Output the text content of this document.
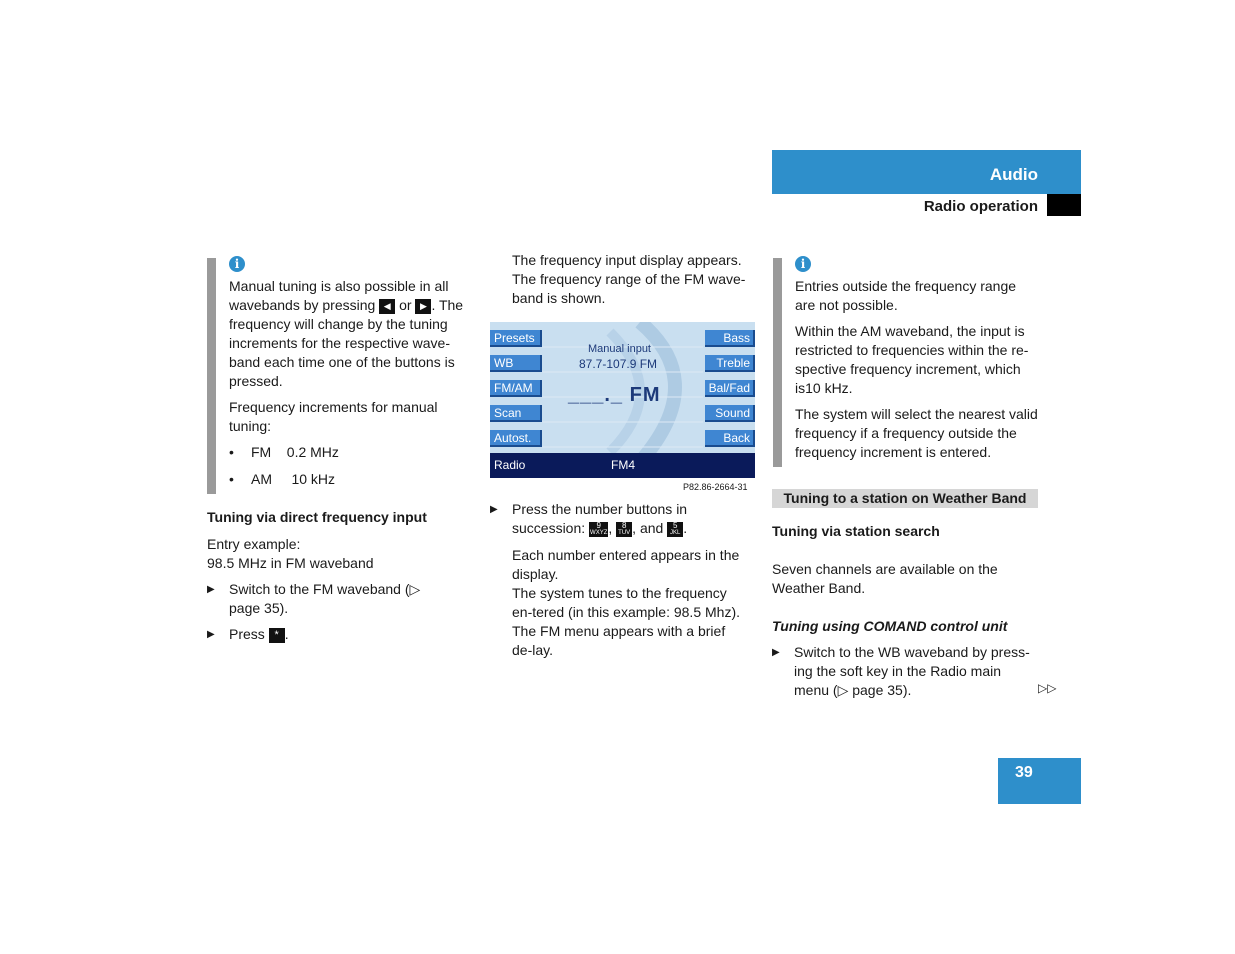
Audio
Radio operation
i

Manual tuning is also possible in all wavebands by pressing ◀ or ▶ . The frequency will change by the tuning increments for the respective wave-band each time one of the buttons is pressed.

Frequency increments for manual tuning:

• FM 0.2 MHz

• AM 10 kHz

Tuning via direct frequency input

Entry example:

98.5 MHz in FM waveband

▶ Switch to the FM waveband (▷ page 35).

▶ Press * .

The frequency input display appears. The frequency range of the FM wave-band is shown.
Presets
WB
FM/AM
Scan
Autost.
Bass
Treble
Bal/Fad
Sound
Back
Manual input
87.7-107.9 FM
___._ FM
Radio	FM4
P82.86-2664-31

▶ Press the number buttons in succession: 9
WXYZ , 8
TUV , and 5
JKL .

Each number entered appears in the display.

The system tunes to the frequency en-tered (in this example: 98.5 Mhz).

The FM menu appears with a brief de-lay.

i

Entries outside the frequency range are not possible.

Within the AM waveband, the input is restricted to frequencies within the re-spective frequency increment, which is10 kHz.

The system will select the nearest valid frequency if a frequency outside the frequency increment is entered.

Tuning to a station on Weather Band

Tuning via station search

Seven channels are available on the Weather Band.

Tuning using COMAND control unit

▶ Switch to the WB waveband by press-ing the soft key in the Radio main menu (▷ page 35).	▷▷
39
